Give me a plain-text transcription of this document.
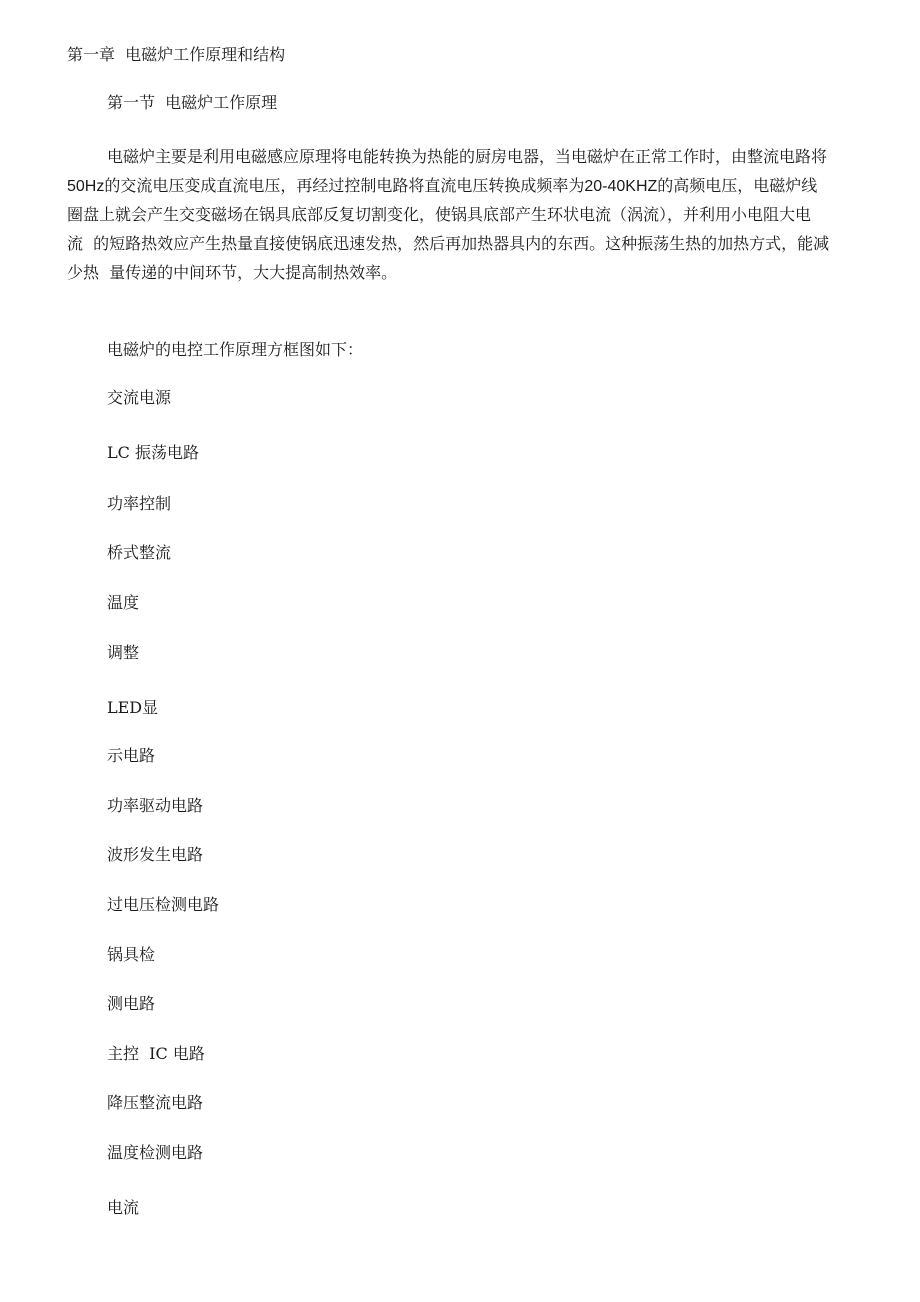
第一章  电磁炉工作原理和结构
第一节  电磁炉工作原理
电磁炉主要是利用电磁感应原理将电能转换为热能的厨房电器，当电磁炉在正常工作时，由整流电路将
50Hz的交流电压变成直流电压，再经过控制电路将直流电压转换成频率为20-40KHZ的高频电压，电磁炉线
圈盘上就会产生交变磁场在锅具底部反复切割变化，使锅具底部产生环状电流（涡流），并利用小电阻大电
流  的短路热效应产生热量直接使锅底迅速发热，然后再加热器具内的东西。这种振荡生热的加热方式，能减
少热  量传递的中间环节，大大提高制热效率。
电磁炉的电控工作原理方框图如下：
交流电源
LC 振荡电路
功率控制
桥式整流
温度
调整
LED显
示电路
功率驱动电路
波形发生电路
过电压检测电路
锅具检
测电路
主控  IC 电路
降压整流电路
温度检测电路
电流
